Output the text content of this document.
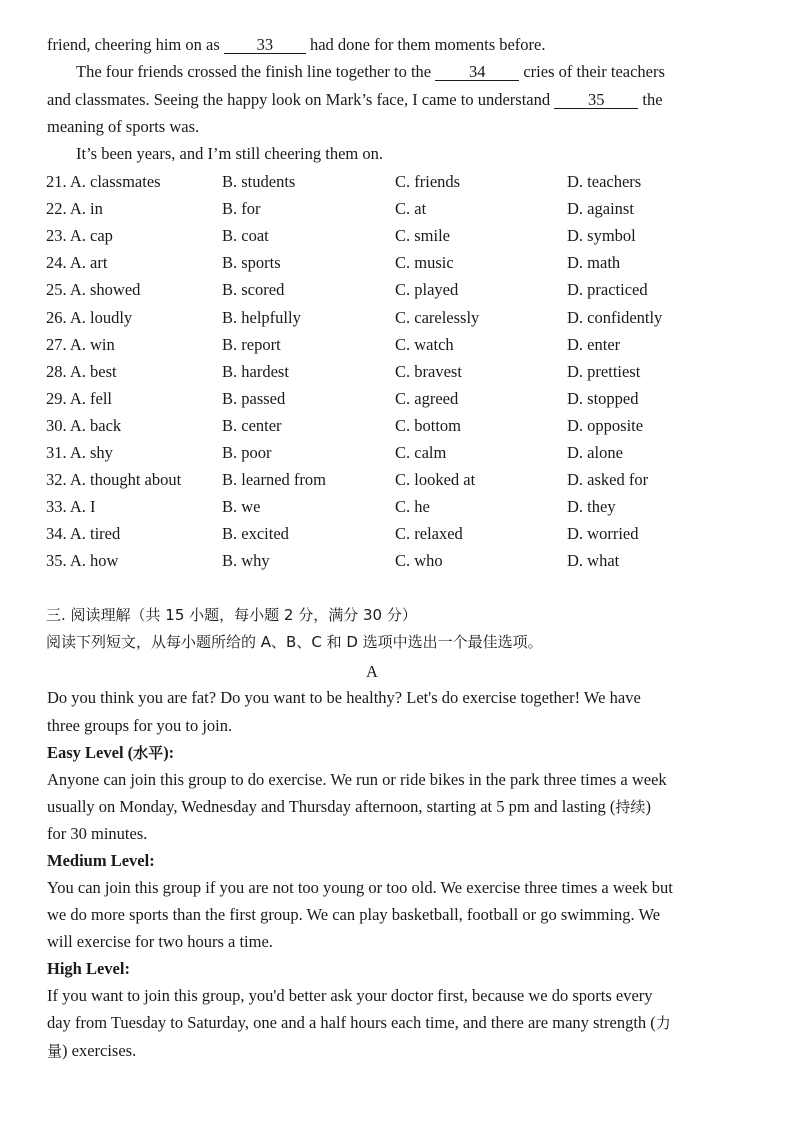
friend, cheering him on as 33 had done for them moments before.
The four friends crossed the finish line together to the 34 cries of their teachers
and classmates. Seeing the happy look on Mark’s face, I came to understand 35 the
meaning of sports was.
It’s been years, and I’m still cheering them on.
21. A. classmates	B. students	C. friends	D. teachers
22. A. in	B. for	C. at	D. against
23. A. cap	B. coat	C. smile	D. symbol
24. A. art	B. sports	C. music	D. math
25. A. showed	B. scored	C. played	D. practiced
26. A. loudly	B. helpfully	C. carelessly	D. confidently
27. A. win	B. report	C. watch	D. enter
28. A. best	B. hardest	C. bravest	D. prettiest
29. A. fell	B. passed	C. agreed	D. stopped
30. A. back	B. center	C. bottom	D. opposite
31. A. shy	B. poor	C. calm	D. alone
32. A. thought about B. learned from	C. looked at	D. asked for
33. A. I	B. we	C. he	D. they
34. A. tired	B. excited	C. relaxed	D. worried
35. A. how	B. why	C. who	D. what
三. 阅读理解（共 15 小题，每小题 2 分，满分 30 分）
阅读下列短文，从每小题所给的 A、B、C 和 D 选项中选出一个最佳选项。
A
Do you think you are fat? Do you want to be healthy? Let's do exercise together! We have
three groups for you to join.
Easy Level (水平):
Anyone can join this group to do exercise. We run or ride bikes in the park three times a week
usually on Monday, Wednesday and Thursday afternoon, starting at 5 pm and lasting (持续)
for 30 minutes.
Medium Level:
You can join this group if you are not too young or too old. We exercise three times a week but
we do more sports than the first group. We can play basketball, football or go swimming. We
will exercise for two hours a time.
High Level:
If you want to join this group, you'd better ask your doctor first, because we do sports every
day from Tuesday to Saturday, one and a half hours each time, and there are many strength (力
量) exercises.
